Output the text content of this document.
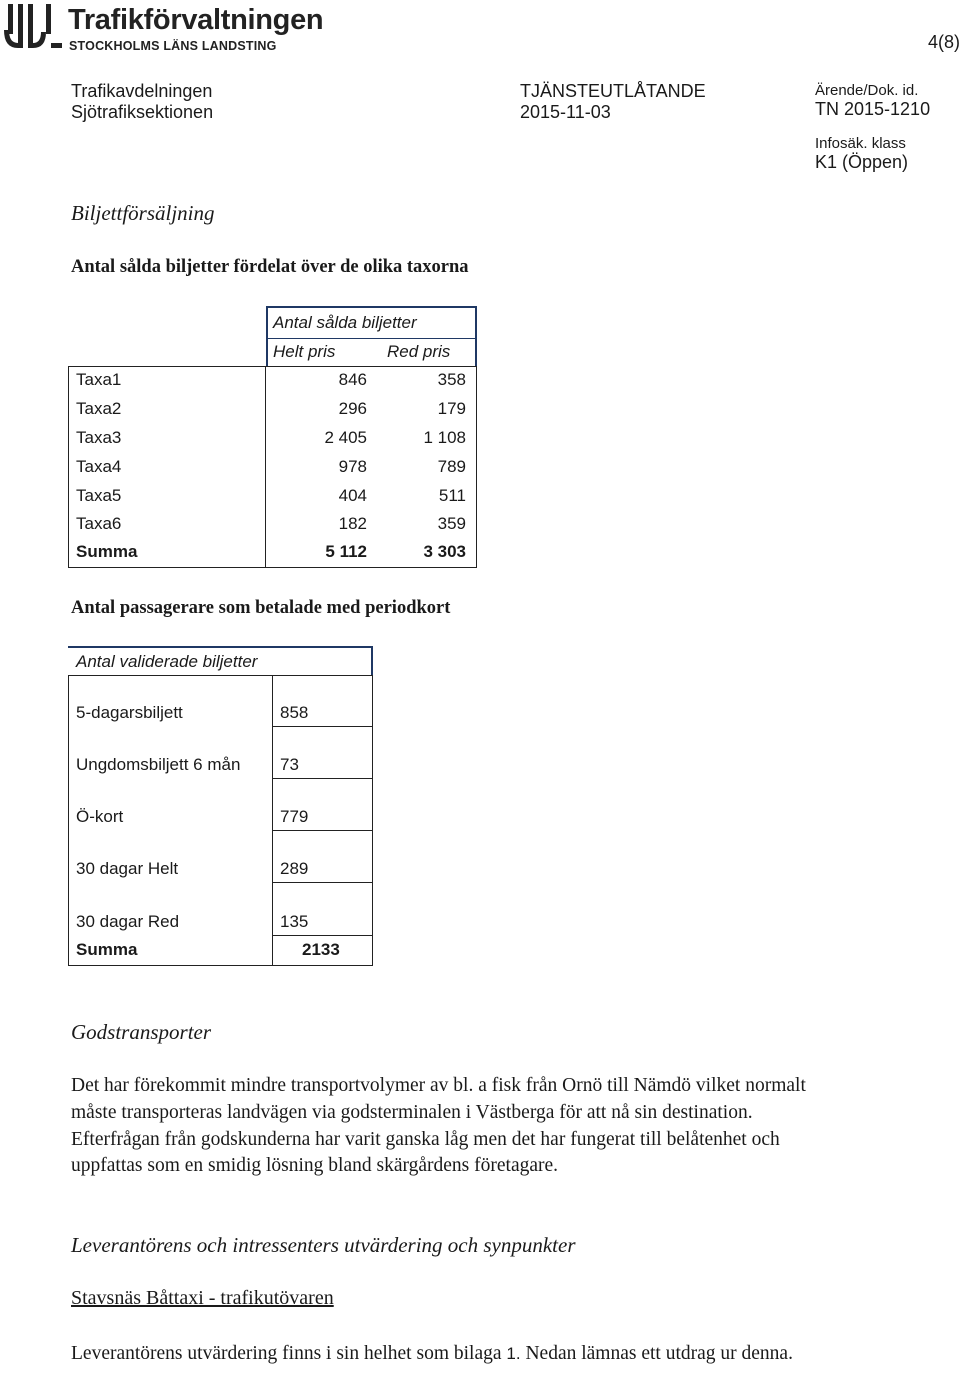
Trafikförvaltningen
STOCKHOLMS LÄNS LANDSTING	4(8)
Trafikavdelningen
Sjötrafiksektionen
TJÄNSTEUTLÅTANDE
2015-11-03
Ärende/Dok. id.
TN 2015-1210
Infosäk. klass
K1 (Öppen)
Biljettförsäljning
Antal sålda biljetter fördelat över de olika taxorna
Antal sålda biljetter
Helt pris	Red pris
Taxa1	846	358
Taxa2	296	179
Taxa3	2 405	1 108
Taxa4	978	789
Taxa5	404	511
Taxa6	182	359
Summa	5 112	3 303
Antal passagerare som betalade med periodkort
Antal validerade biljetter
5-dagarsbiljett	858
Ungdomsbiljett 6 mån 73
Ö-kort	779
30 dagar Helt	289
30 dagar Red	135
Summa	2133
Godstransporter
Det har förekommit mindre transportvolymer av bl. a fisk från Ornö till Nämdö vilket normalt måste transporteras landvägen via godsterminalen i Västberga för att nå sin destination. Efterfrågan från godskunderna har varit ganska låg men det har fungerat till belåtenhet och uppfattas som en smidig lösning bland skärgårdens företagare.
Leverantörens och intressenters utvärdering och synpunkter
Stavsnäs Båttaxi - trafikutövaren
Leverantörens utvärdering finns i sin helhet som bilaga 1. Nedan lämnas ett utdrag ur denna.
